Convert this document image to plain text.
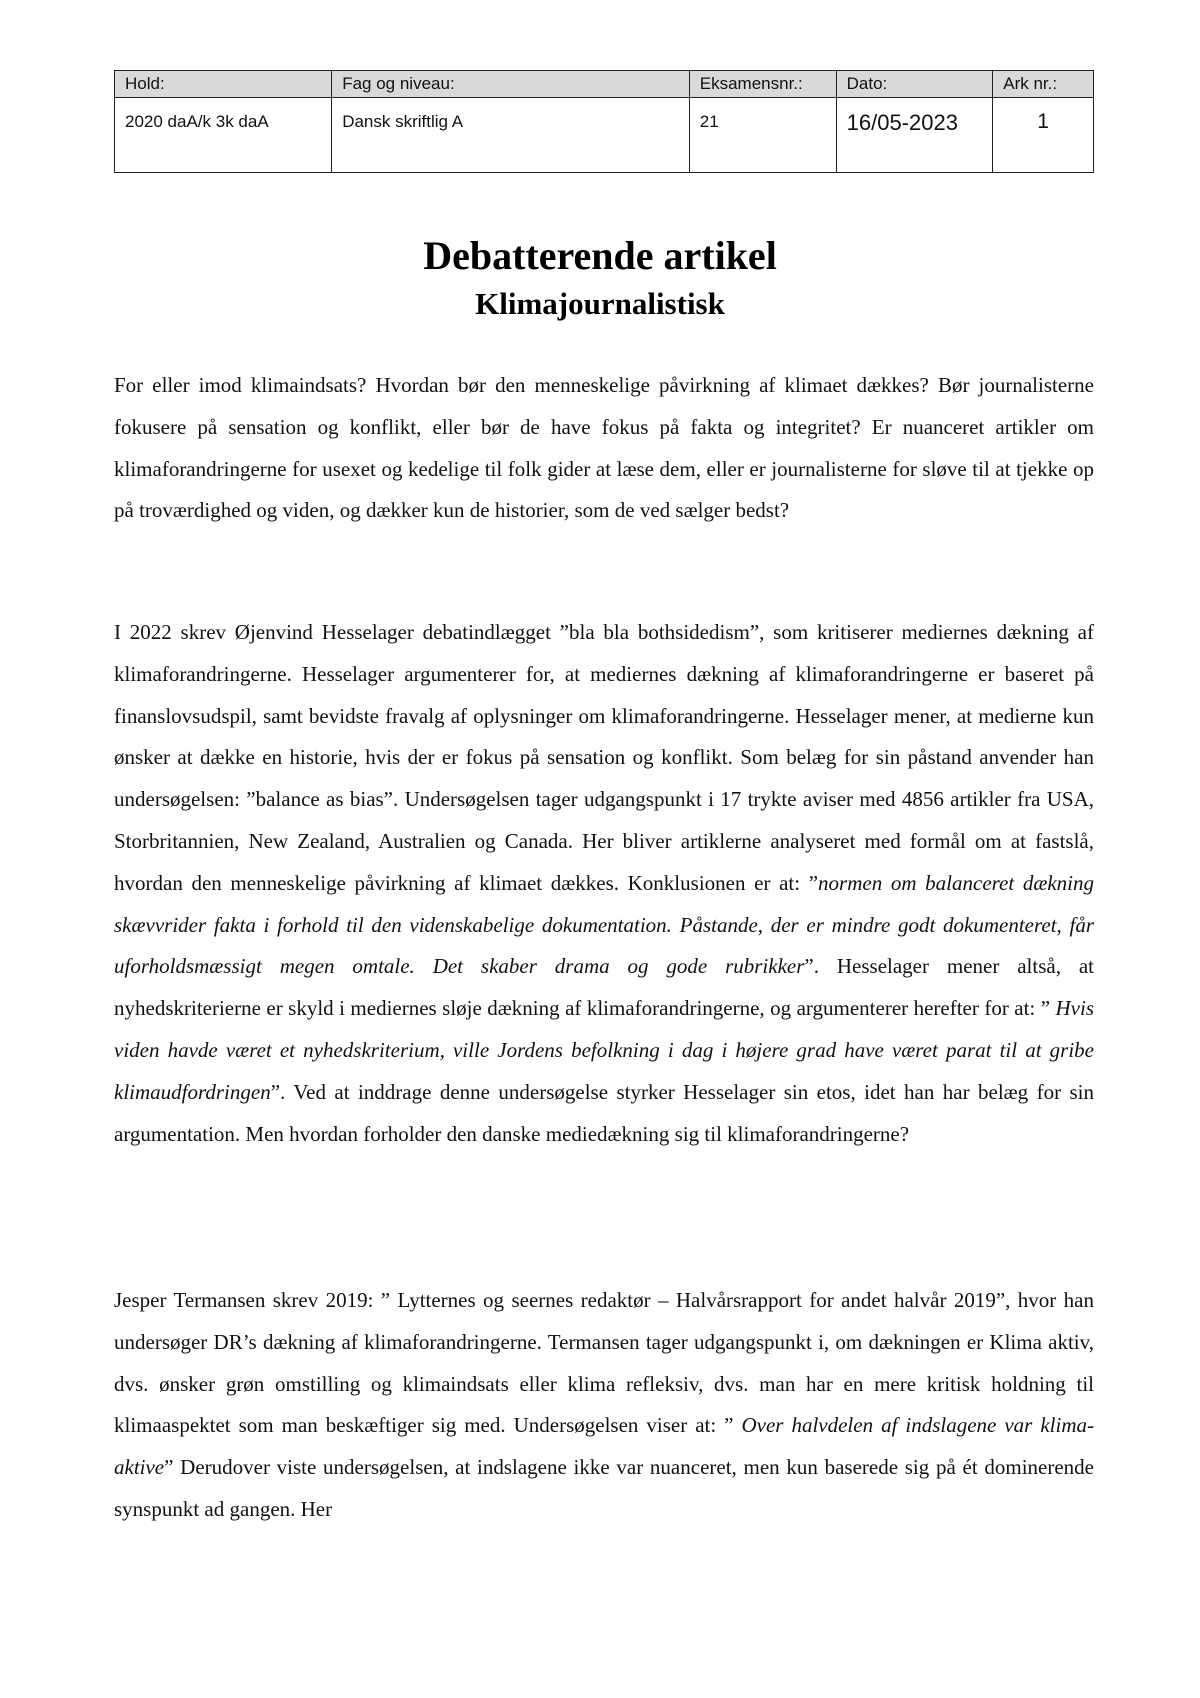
Hold:	Fag og niveau:	Eksamensnr.:	Dato:	Ark nr.:
2020 daA/k 3k daA	Dansk skriftlig A	21	16/05-2023	1
Debatterende artikel
Klimajournalistisk

For eller imod klimaindsats? Hvordan bør den menneskelige påvirkning af klimaet dækkes? Bør journalisterne fokusere på sensation og konflikt, eller bør de have fokus på fakta og integritet? Er nuanceret artikler om klimaforandringerne for usexet og kedelige til folk gider at læse dem, eller er journalisterne for sløve til at tjekke op på troværdighed og viden, og dækker kun de historier, som de ved sælger bedst?

I 2022 skrev Øjenvind Hesselager debatindlægget ”bla bla bothsidedism”, som kritiserer mediernes dækning af klimaforandringerne. Hesselager argumenterer for, at mediernes dækning af klimaforandringerne er baseret på finanslovsudspil, samt bevidste fravalg af oplysninger om klimaforandringerne. Hesselager mener, at medierne kun ønsker at dække en historie, hvis der er fokus på sensation og konflikt. Som belæg for sin påstand anvender han undersøgelsen: ”balance as bias”. Undersøgelsen tager udgangspunkt i 17 trykte aviser med 4856 artikler fra USA, Storbritannien, New Zealand, Australien og Canada. Her bliver artiklerne analyseret med formål om at fastslå, hvordan den menneskelige påvirkning af klimaet dækkes. Konklusionen er at: ”normen om balanceret dækning skævvrider fakta i forhold til den videnskabelige dokumentation. Påstande, der er mindre godt dokumenteret, får uforholdsmæssigt megen omtale. Det skaber drama og gode rubrikker”. Hesselager mener altså, at nyhedskriterierne er skyld i mediernes sløje dækning af klimaforandringerne, og argumenterer herefter for at: ” Hvis viden havde været et nyhedskriterium, ville Jordens befolkning i dag i højere grad have været parat til at gribe klimaudfordringen”. Ved at inddrage denne undersøgelse styrker Hesselager sin etos, idet han har belæg for sin argumentation. Men hvordan forholder den danske mediedækning sig til klimaforandringerne?

Jesper Termansen skrev 2019: ” Lytternes og seernes redaktør – Halvårsrapport for andet halvår 2019”, hvor han undersøger DR’s dækning af klimaforandringerne. Termansen tager udgangspunkt i, om dækningen er Klima aktiv, dvs. ønsker grøn omstilling og klimaindsats eller klima refleksiv, dvs. man har en mere kritisk holdning til klimaaspektet som man beskæftiger sig med. Undersøgelsen viser at: ” Over halvdelen af indslagene var klima-aktive” Derudover viste undersøgelsen, at indslagene ikke var nuanceret, men kun baserede sig på ét dominerende synspunkt ad gangen. Her
